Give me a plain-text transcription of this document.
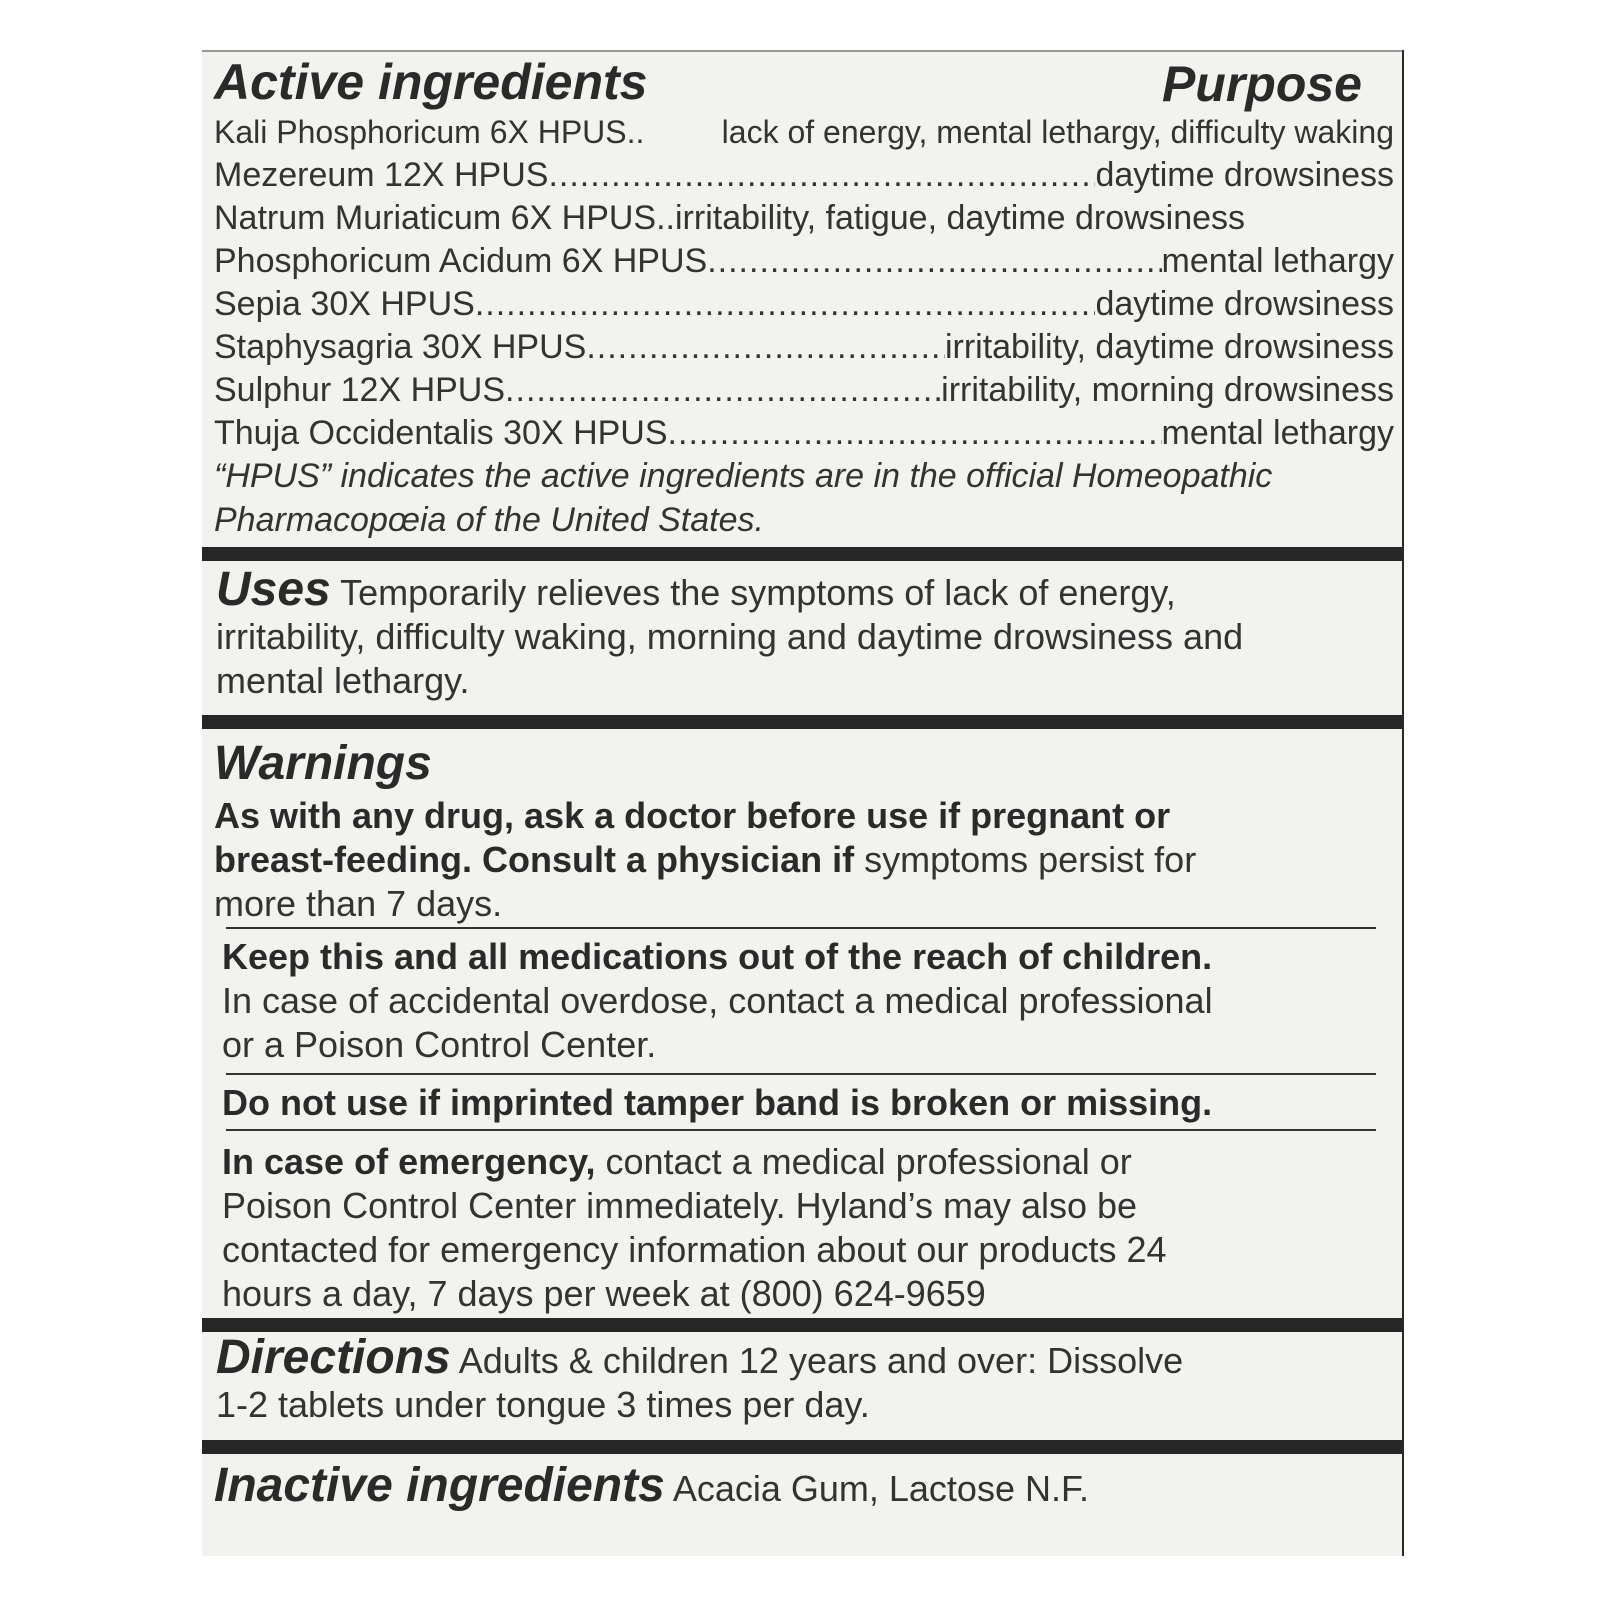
Active ingredients	Purpose
Kali Phosphoricum 6X HPUS.. lack of energy, mental lethargy, difficulty waking
Mezereum 12X HPUS .....	daytime drowsiness
Natrum Muriaticum 6X HPUS ..irritability, fatigue, daytime drowsiness
Phosphoricum Acidum 6X HPUS .....	mental lethargy
Sepia 30X HPUS .....	daytime drowsiness
Staphysagria 30X HPUS .....	irritability, daytime drowsiness
Sulphur 12X HPUS .....	irritability, morning drowsiness
Thuja Occidentalis 30X HPUS .....	mental lethargy
“HPUS” indicates the active ingredients are in the official Homeopathic
Pharmacopœia of the United States.

Uses Temporarily relieves the symptoms of lack of energy,
irritability, difficulty waking, morning and daytime drowsiness and
mental lethargy.

Warnings

As with any drug, ask a doctor before use if pregnant or
breast-feeding. Consult a physician if symptoms persist for
more than 7 days.

Keep this and all medications out of the reach of children.
In case of accidental overdose, contact a medical professional
or a Poison Control Center.

Do not use if imprinted tamper band is broken or missing.

In case of emergency, contact a medical professional or
Poison Control Center immediately. Hyland’s may also be
contacted for emergency information about our products 24
hours a day, 7 days per week at (800) 624-9659

Directions Adults & children 12 years and over: Dissolve
1-2 tablets under tongue 3 times per day.

Inactive ingredients Acacia Gum, Lactose N.F.
